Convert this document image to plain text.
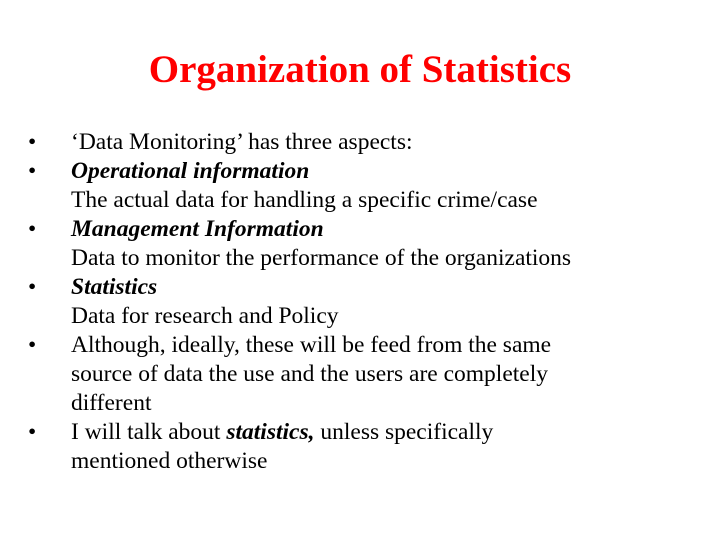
Organization of Statistics
•	‘Data Monitoring’ has three aspects:
•	Operational information
The actual data for handling a specific crime/case
•	Management Information
Data to monitor the performance of the organizations
•	Statistics
Data for research and Policy
•	Although, ideally, these will be feed from the same
source of data the use and the users are completely
different
•	I will talk about statistics, unless specifically
mentioned otherwise
